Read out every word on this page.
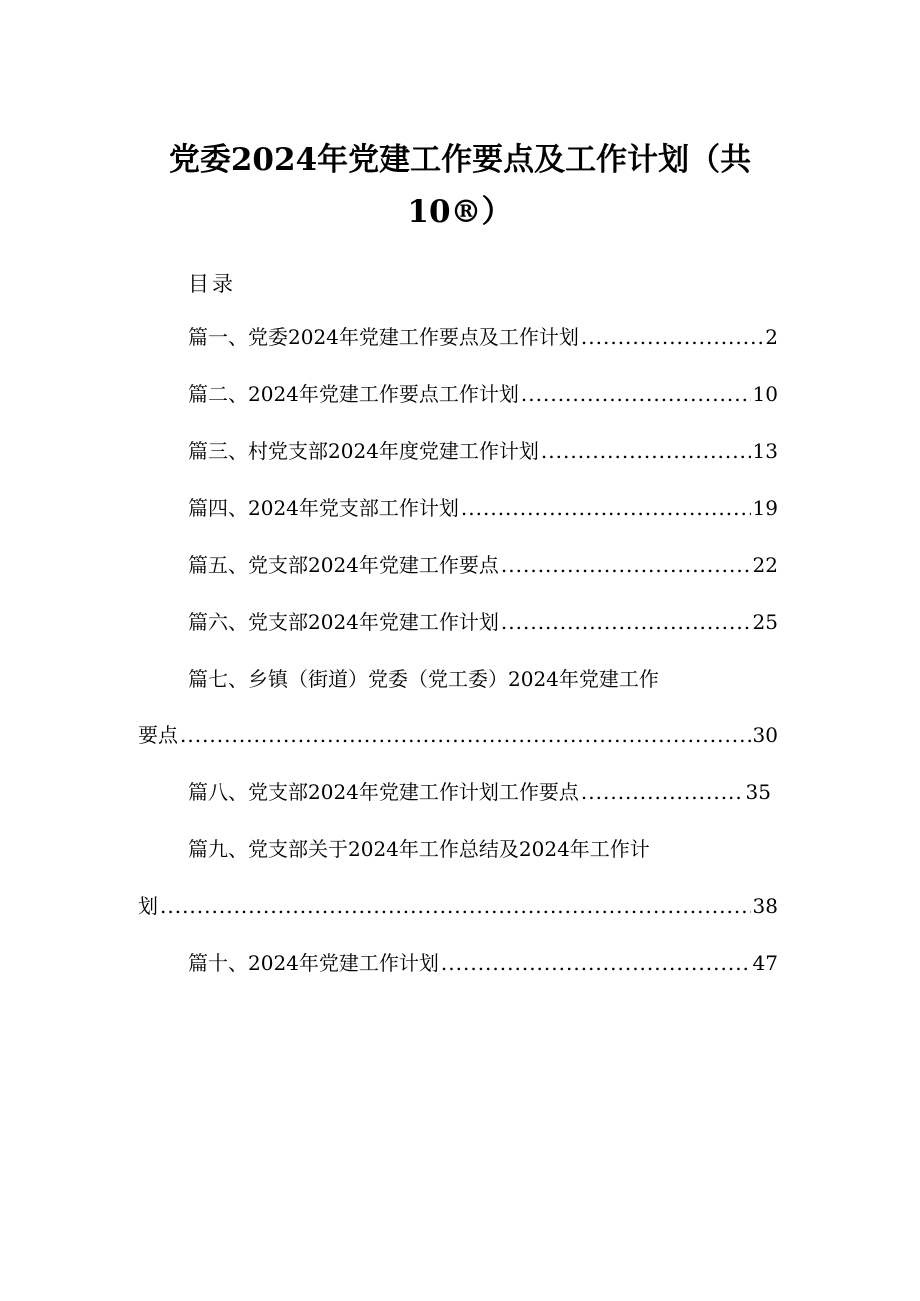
党委2024年党建工作要点及工作计划（共
10®）
目录
篇一、党委2024年党建工作要点及工作计划 .....	2
篇二、2024年党建工作要点工作计划 .....	10
篇三、村党支部2024年度党建工作计划 .....	13
篇四、2024年党支部工作计划 .....	19
篇五、党支部2024年党建工作要点 .....	22
篇六、党支部2024年党建工作计划 .....	25
篇七、乡镇（街道）党委（党工委）2024年党建工作
要点 .....	30
篇八、党支部2024年党建工作计划工作要点 .....	35
篇九、党支部关于2024年工作总结及2024年工作计
划 .....	38
篇十、2024年党建工作计划 .....	47
